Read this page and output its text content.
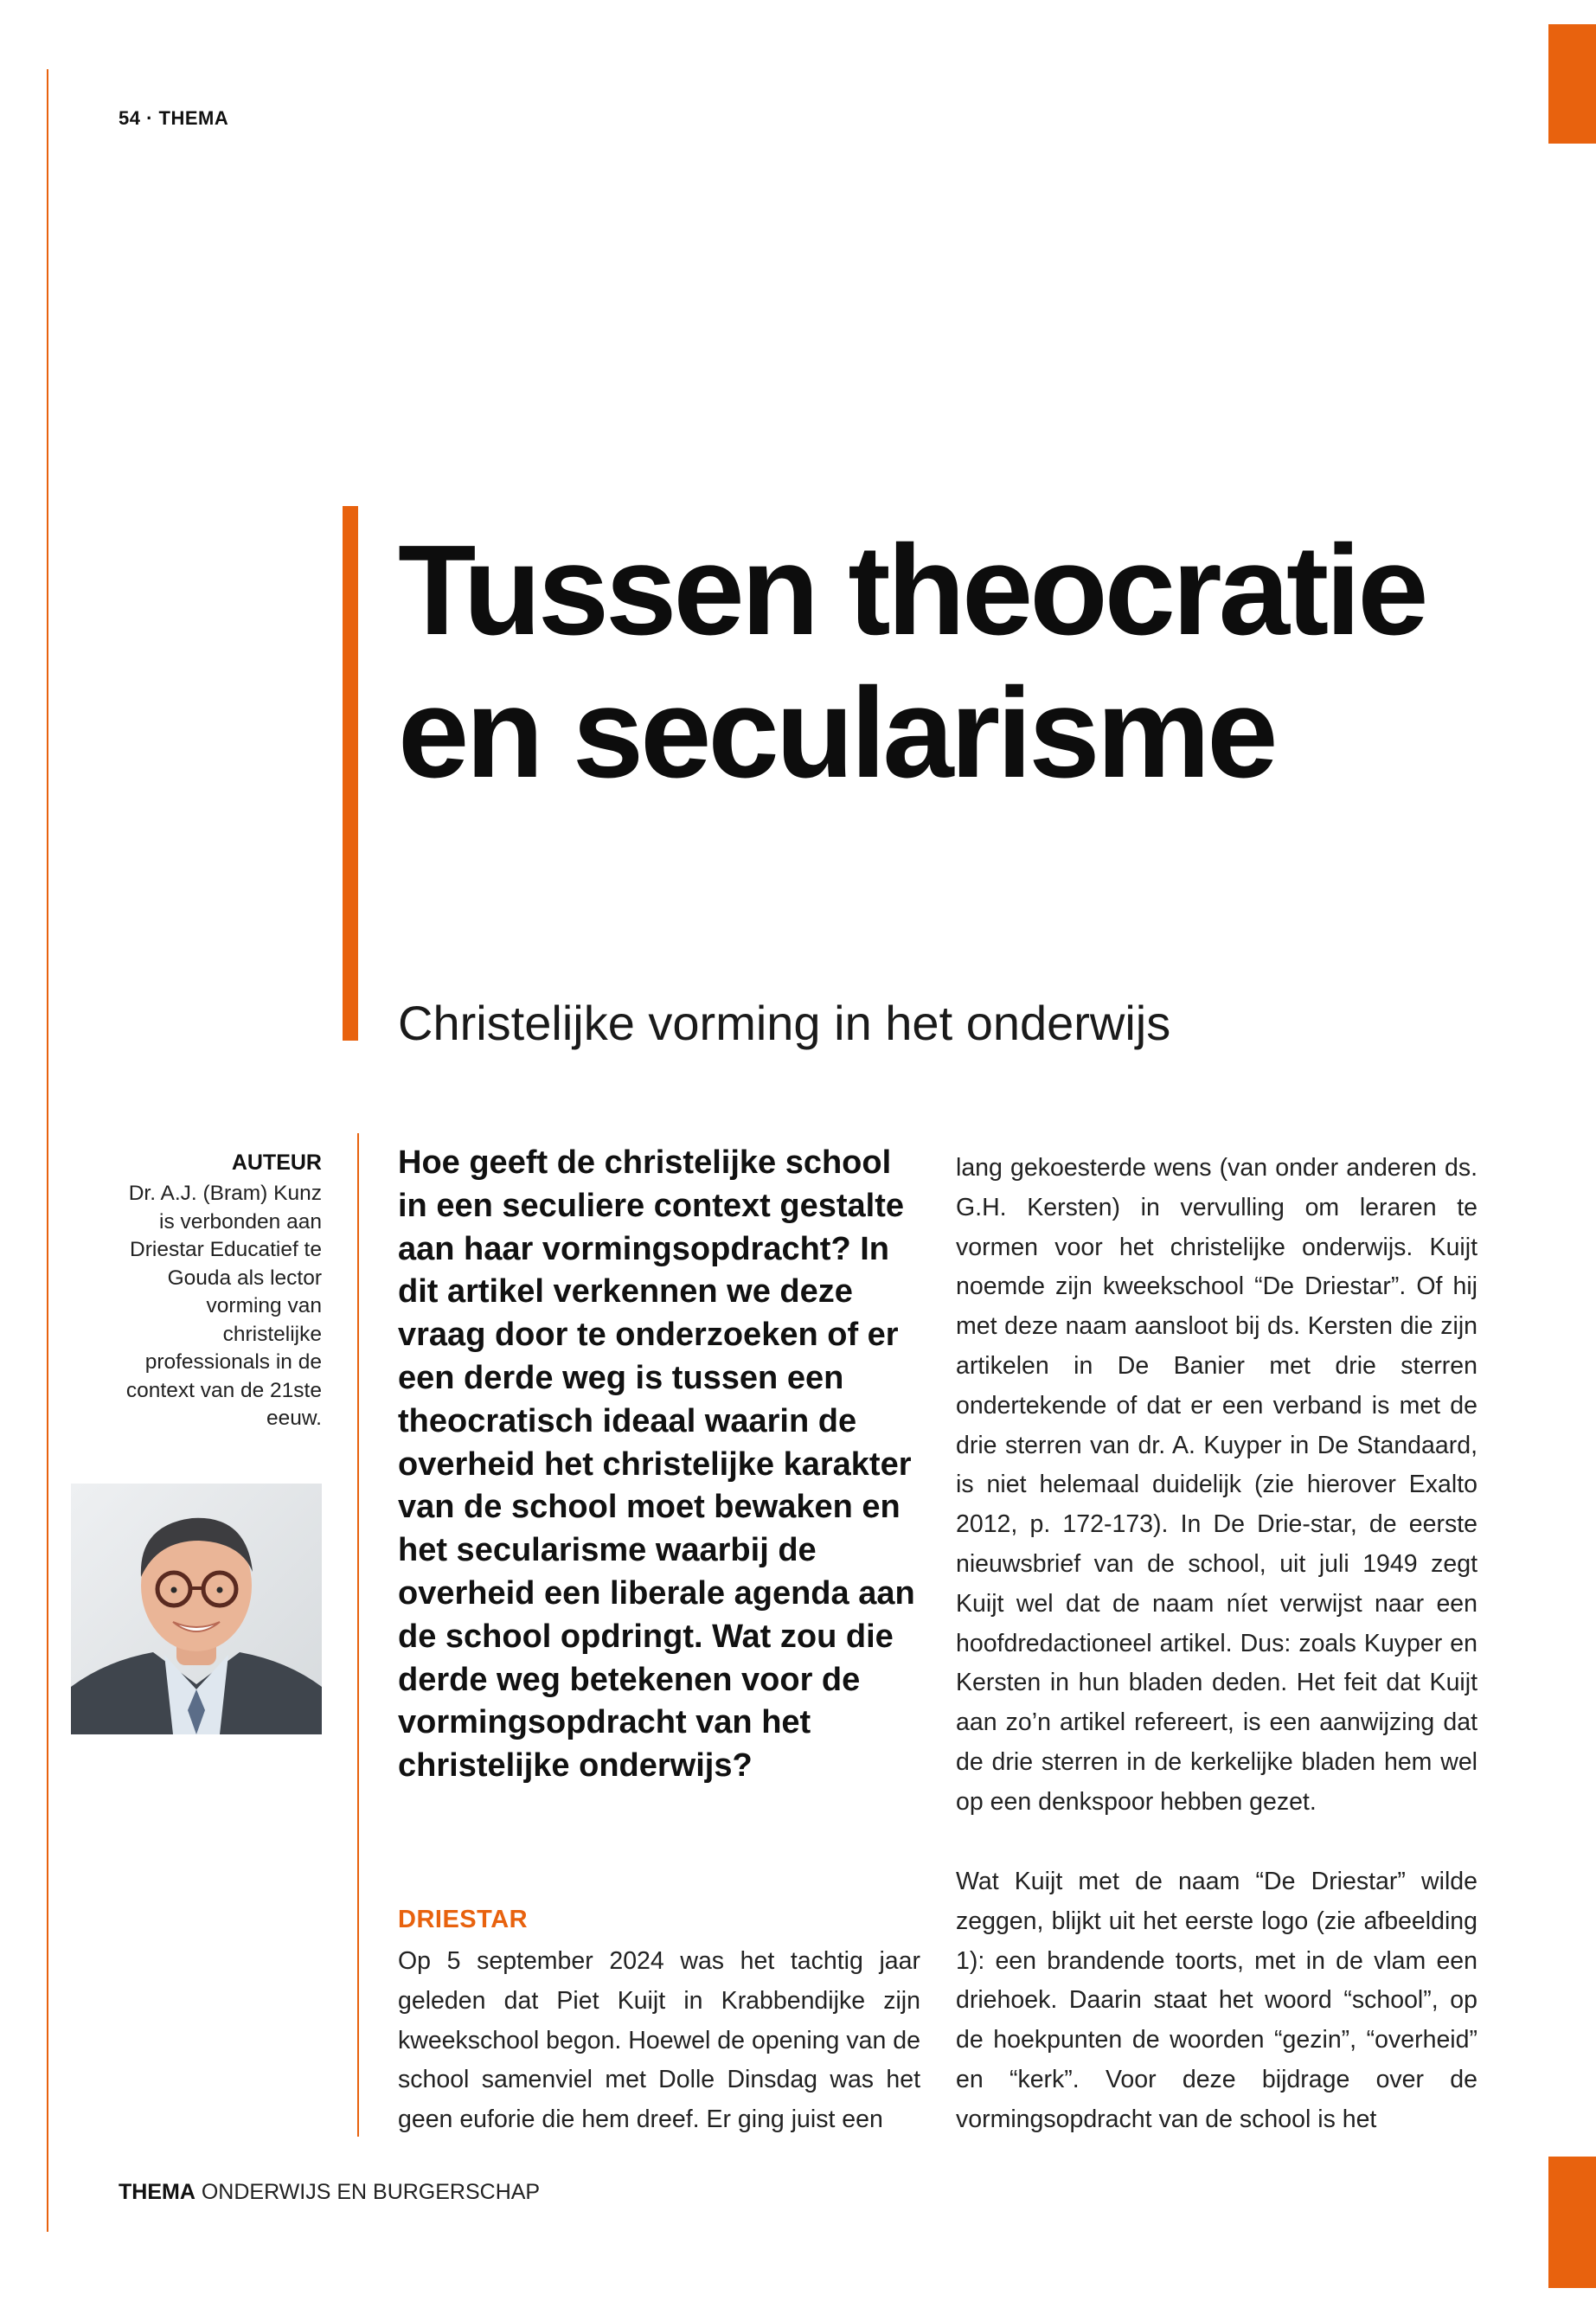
54 · THEMA
Tussen theocratie en secularisme
Christelijke vorming in het onderwijs
AUTEUR
Dr. A.J. (Bram) Kunz is verbonden aan Driestar Educatief te Gouda als lector vorming van christelijke professionals in de context van de 21ste eeuw.

Hoe geeft de christelijke school in een seculiere context gestalte aan haar vormingsopdracht? In dit artikel verkennen we deze vraag door te onderzoeken of er een derde weg is tussen een theocratisch ideaal waarin de overheid het christelijke karakter van de school moet bewaken en het secularisme waarbij de overheid een liberale agenda aan de school opdringt. Wat zou die derde weg betekenen voor de vormingsopdracht van het christelijke onderwijs?

DRIESTAR

Op 5 september 2024 was het tachtig jaar geleden dat Piet Kuijt in Krabbendijke zijn kweekschool begon. Hoewel de opening van de school samenviel met Dolle Dinsdag was het geen euforie die hem dreef. Er ging juist een

lang gekoesterde wens (van onder anderen ds. G.H. Kersten) in vervulling om leraren te vormen voor het christelijke onderwijs. Kuijt noemde zijn kweekschool “De Driestar”. Of hij met deze naam aansloot bij ds. Kersten die zijn artikelen in De Banier met drie sterren ondertekende of dat er een verband is met de drie sterren van dr. A. Kuyper in De Standaard, is niet helemaal duidelijk (zie hierover Exalto 2012, p. 172-173). In De Drie-star, de eerste nieuwsbrief van de school, uit juli 1949 zegt Kuijt wel dat de naam níet verwijst naar een hoofdredactioneel artikel. Dus: zoals Kuyper en Kersten in hun bladen deden. Het feit dat Kuijt aan zo’n artikel refereert, is een aanwijzing dat de drie sterren in de kerkelijke bladen hem wel op een denkspoor hebben gezet.

Wat Kuijt met de naam “De Driestar” wilde zeggen, blijkt uit het eerste logo (zie afbeelding 1): een brandende toorts, met in de vlam een driehoek. Daarin staat het woord “school”, op de hoekpunten de woorden “gezin”, “overheid” en “kerk”. Voor deze bijdrage over de vormingsopdracht van de school is het

THEMA ONDERWIJS EN BURGERSCHAP
